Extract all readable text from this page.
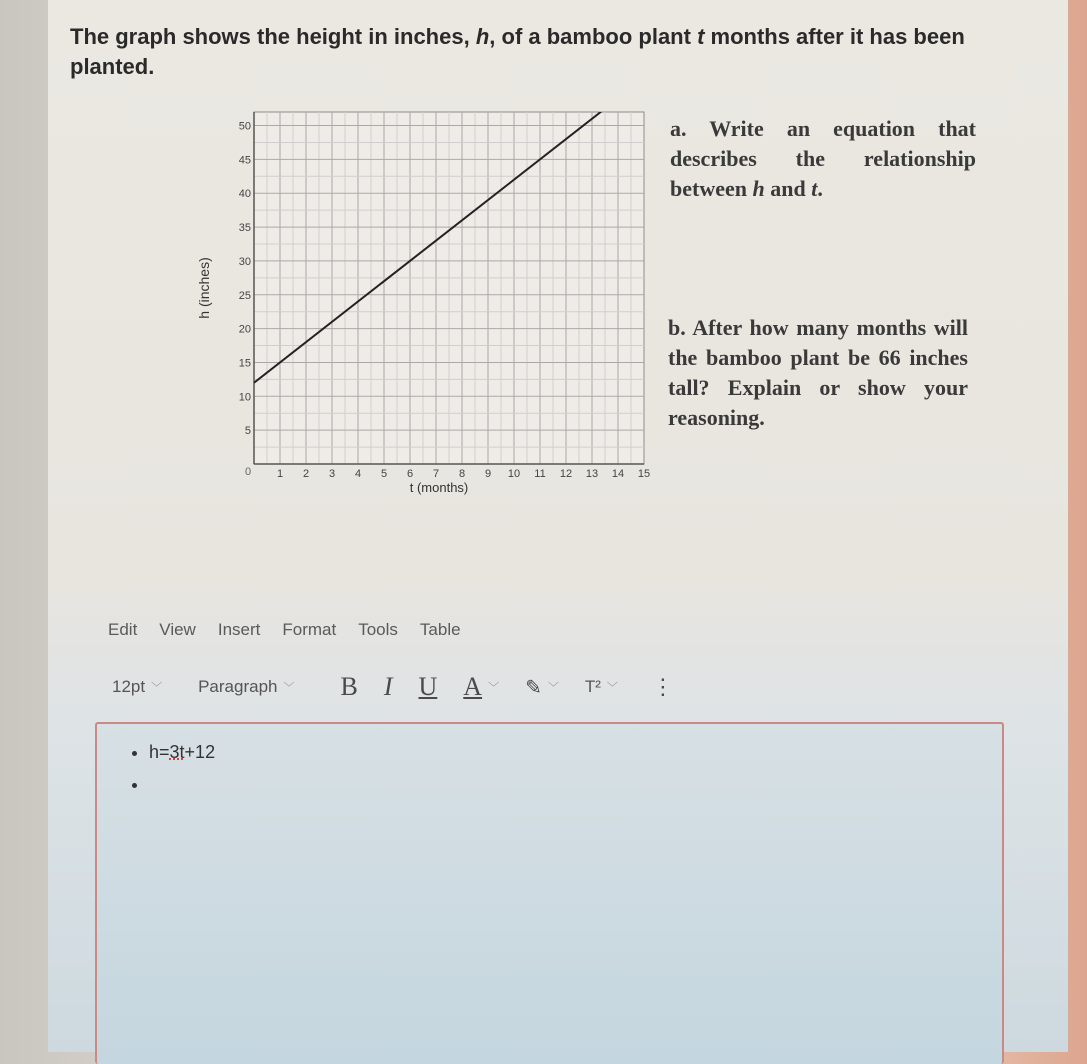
The graph shows the height in inches, h, of a bamboo plant t months after it has been planted.
h (inches)
5
10
15
20
25
30
35
40
45
50
1 2 3 4 5 6 7 8 9 10 11 12 13 14 15
0
t (months)
a. Write an equation that describes the relationship between h and t.
b. After how many months will the bamboo plant be 66 inches tall? Explain or show your reasoning.
Edit View Insert Format Tools Table
12pt ﹀ Paragraph ﹀ B I U A ﹀ ✎ ﹀ T² ﹀ ⋮
• h=3t+12
•
